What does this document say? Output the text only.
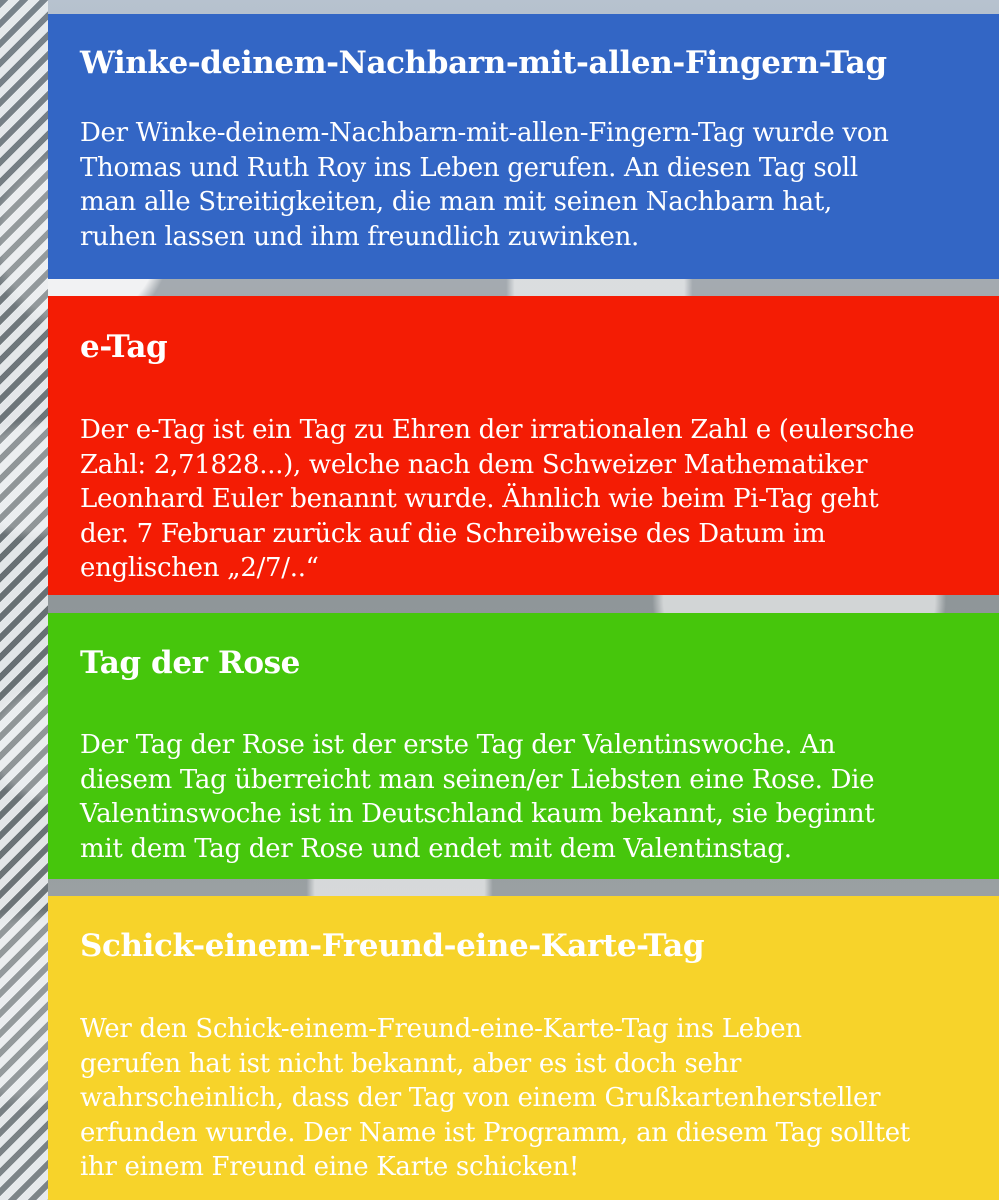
Winke-deinem-Nachbarn-mit-allen-Fingern-Tag

Der Winke-deinem-Nachbarn-mit-allen-Fingern-Tag wurde von
Thomas und Ruth Roy ins Leben gerufen. An diesen Tag soll
man alle Streitigkeiten, die man mit seinen Nachbarn hat,
ruhen lassen und ihm freundlich zuwinken.

e-Tag

Der e-Tag ist ein Tag zu Ehren der irrationalen Zahl e (eulersche
Zahl: 2,71828...), welche nach dem Schweizer Mathematiker
Leonhard Euler benannt wurde. Ähnlich wie beim Pi-Tag geht
der. 7 Februar zurück auf die Schreibweise des Datum im
englischen „2/7/..“

Tag der Rose

Der Tag der Rose ist der erste Tag der Valentinswoche. An
diesem Tag überreicht man seinen/er Liebsten eine Rose. Die
Valentinswoche ist in Deutschland kaum bekannt, sie beginnt
mit dem Tag der Rose und endet mit dem Valentinstag.

Schick-einem-Freund-eine-Karte-Tag

Wer den Schick-einem-Freund-eine-Karte-Tag ins Leben
gerufen hat ist nicht bekannt, aber es ist doch sehr
wahrscheinlich, dass der Tag von einem Grußkartenhersteller
erfunden wurde. Der Name ist Programm, an diesem Tag solltet
ihr einem Freund eine Karte schicken!
